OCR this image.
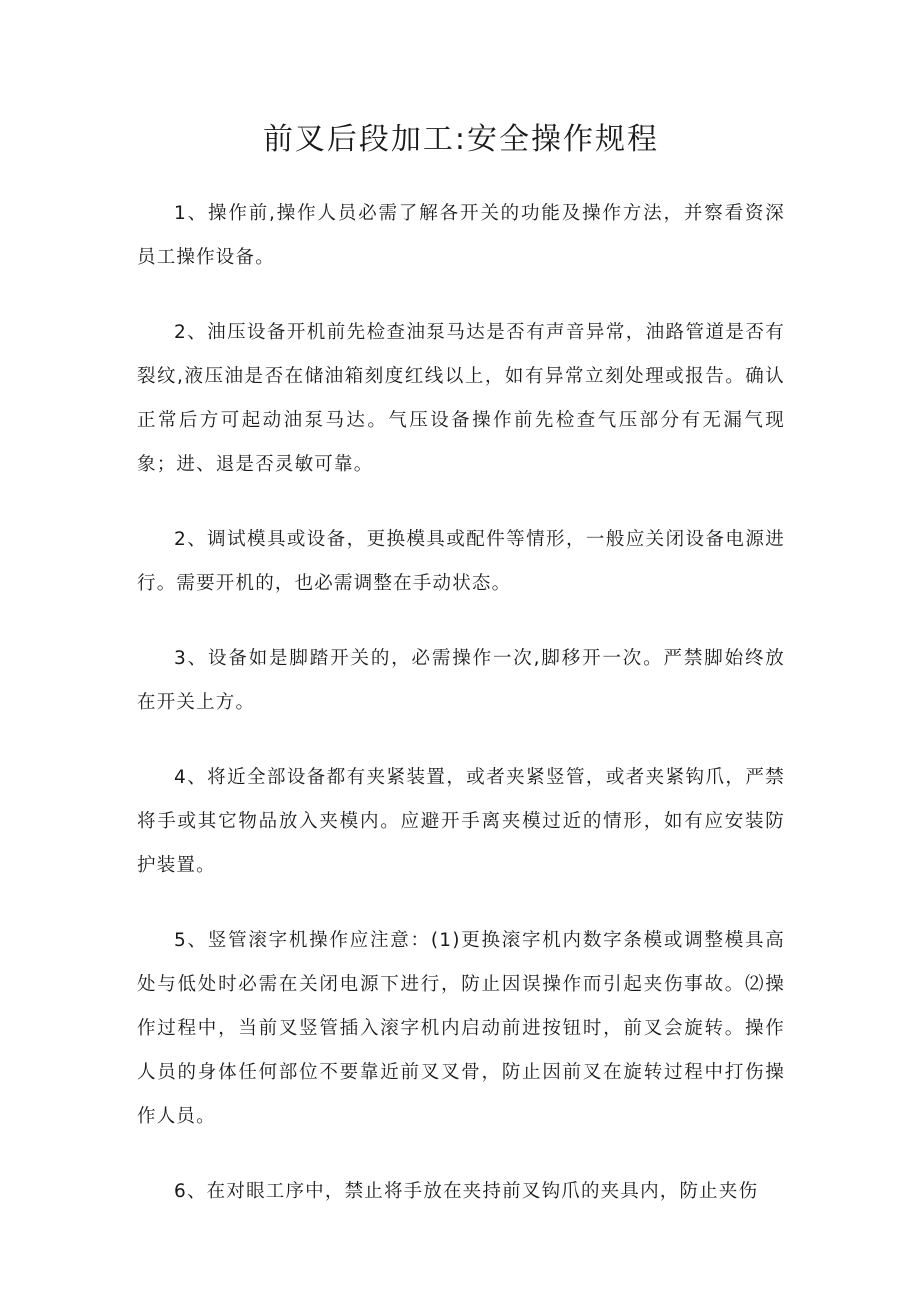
前叉后段加工:安全操作规程

1、操作前,操作人员必需了解各开关的功能及操作方法，并察看资深员工操作设备。

2、油压设备开机前先检查油泵马达是否有声音异常，油路管道是否有裂纹,液压油是否在储油箱刻度红线以上，如有异常立刻处理或报告。确认正常后方可起动油泵马达。气压设备操作前先检查气压部分有无漏气现象；进、退是否灵敏可靠。

2、调试模具或设备，更换模具或配件等情形，一般应关闭设备电源进行。需要开机的，也必需调整在手动状态。

3、设备如是脚踏开关的，必需操作一次,脚移开一次。严禁脚始终放在开关上方。

4、将近全部设备都有夹紧装置，或者夹紧竖管，或者夹紧钩爪，严禁将手或其它物品放入夹模内。应避开手离夹模过近的情形，如有应安装防护装置。

5、竖管滚字机操作应注意：(1)更换滚字机内数字条模或调整模具高处与低处时必需在关闭电源下进行，防止因误操作而引起夹伤事故。⑵操作过程中，当前叉竖管插入滚字机内启动前进按钮时，前叉会旋转。操作人员的身体任何部位不要靠近前叉叉骨，防止因前叉在旋转过程中打伤操作人员。

6、在对眼工序中，禁止将手放在夹持前叉钩爪的夹具内，防止夹伤
